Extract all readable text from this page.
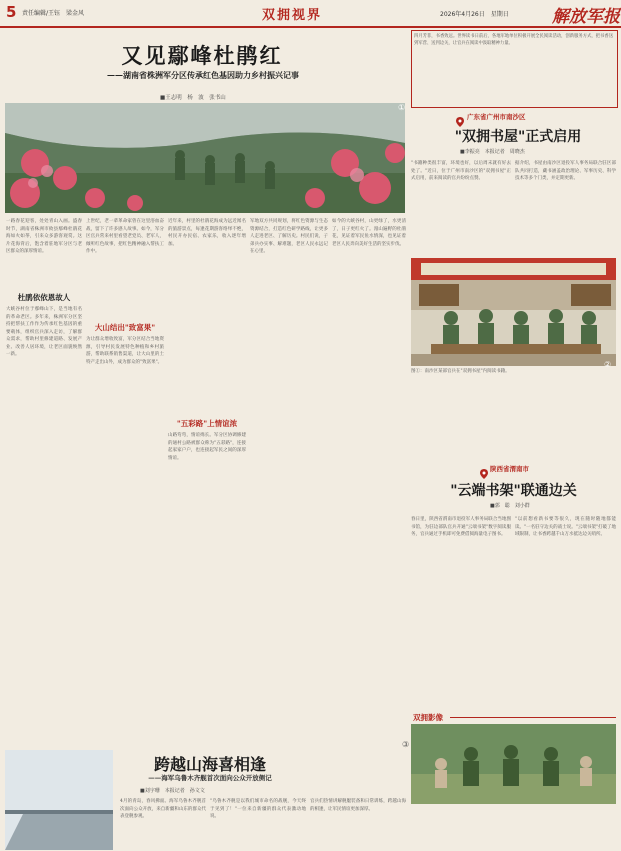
5 责任编辑/王钰　梁金风	双拥视界	2026年4月26日　星期日	解放军报
又见鄢峰杜鹃红
——湖南省株洲军分区传承红色基因助力乡村振兴记事
■王志明　杨　波　张书山
一路春花迎客，处处青山入画。盛春时节，湖南省株洲市攸县鄢峰杜鹃花海如火如荼，引来众多游客观赏。这片花海背后，饱含着驻地军分区与老区群众的深厚情谊。
杜鹃依依恩故人
大峡谷村位于鄢峰山下，是当地有名的革命老区。多年来，株洲军分区坚持把帮扶工作作为传承红色基因的重要载体，组织官兵深入走访，了解群众需求，帮助村里修建道路、发展产业、改善人居环境，让老区面貌焕然一新。
上世纪，老一辈革命家曾在这里浴血奋战，留下了许多感人故事。如今，军分区官兵常来村里看望老党员、老军人，倾听红色故事，把红色精神融入帮扶工作中。
大山结出"致富果"
为让群众增收致富，军分区结合当地资源，引导村民发展特色种植和乡村旅游，帮助联系销售渠道，让大山里的土特产走出山外，成为群众的"致富果"。
近年来，村里的杜鹃花海成为远近闻名的旅游景点，每逢花期游客络绎不绝，村民开办民宿、农家乐，收入逐年增加。
"五彩路"上情谊浓
山路弯弯，情谊绵长。军分区协调修建的通村公路被群众称为"五彩路"，连接起家家户户，也连接起军民之间的深厚情谊。
军地双方共同规划，将红色资源与生态资源结合，打造红色研学路线，让更多人走进老区、了解历史。村民们说，子弟兵办实事、解难题，老区人民永远记在心里。
如今的大峡谷村，山更绿了，水更清了，日子更红火了。漫山遍野的杜鹃花，见证着军民鱼水情深，也见证着老区人民奔向美好生活的坚实步伐。
四月芳菲，书香致远。世界读书日前后，各地军地单位积极开展全民阅读活动，创新服务方式，把书香送到军营、送到边关，让官兵在阅读中汲取精神力量。
广东省广州市南沙区
"双拥书屋"正式启用
■李振亮　本报记者　周晓杰
"书籍种类很丰富，环境也好，以后周末就有好去处了。"近日，位于广州市南沙区的"双拥书屋"正式启用，前来阅读的官兵纷纷点赞。
据介绍，书屋由南沙区退役军人事务局联合驻区部队共同打造，藏书涵盖政治理论、军事历史、科学技术等多个门类，并定期更新。
图①：南沙区某部官兵在"双拥书屋"内阅读书籍。
陕西省渭南市
"云端书架"联通边关
■郭　聪　刘小群
春日里，陕西省渭南市退役军人事务局联合当地图书馆，为驻边部队官兵开通"云端书架"数字阅读服务，官兵通过手机即可免费借阅海量电子图书。
"以前想看新书要等很久，现在随时随地都能读。"一名驻守边关的战士说。"云端书架"打破了地域限制，让书香跨越千山万水抵达边关哨所。
双拥影像
跨越山海喜相逢
——海军乌鲁木齐舰首次面向公众开放侧记
■刘宇珊　本报记者　孙文文
4月的青岛，春风拂面。海军乌鲁木齐舰首次面向公众开放，来自新疆和山东的群众代表登舰参观。
"乌鲁木齐舰是以我们城市命名的战舰，今天终于见到了！"一位来自新疆的群众代表激动地说。
官兵们热情讲解舰艇装备和日常训练，跨越山海的相逢，让军民情谊更加深厚。
①
②
③
